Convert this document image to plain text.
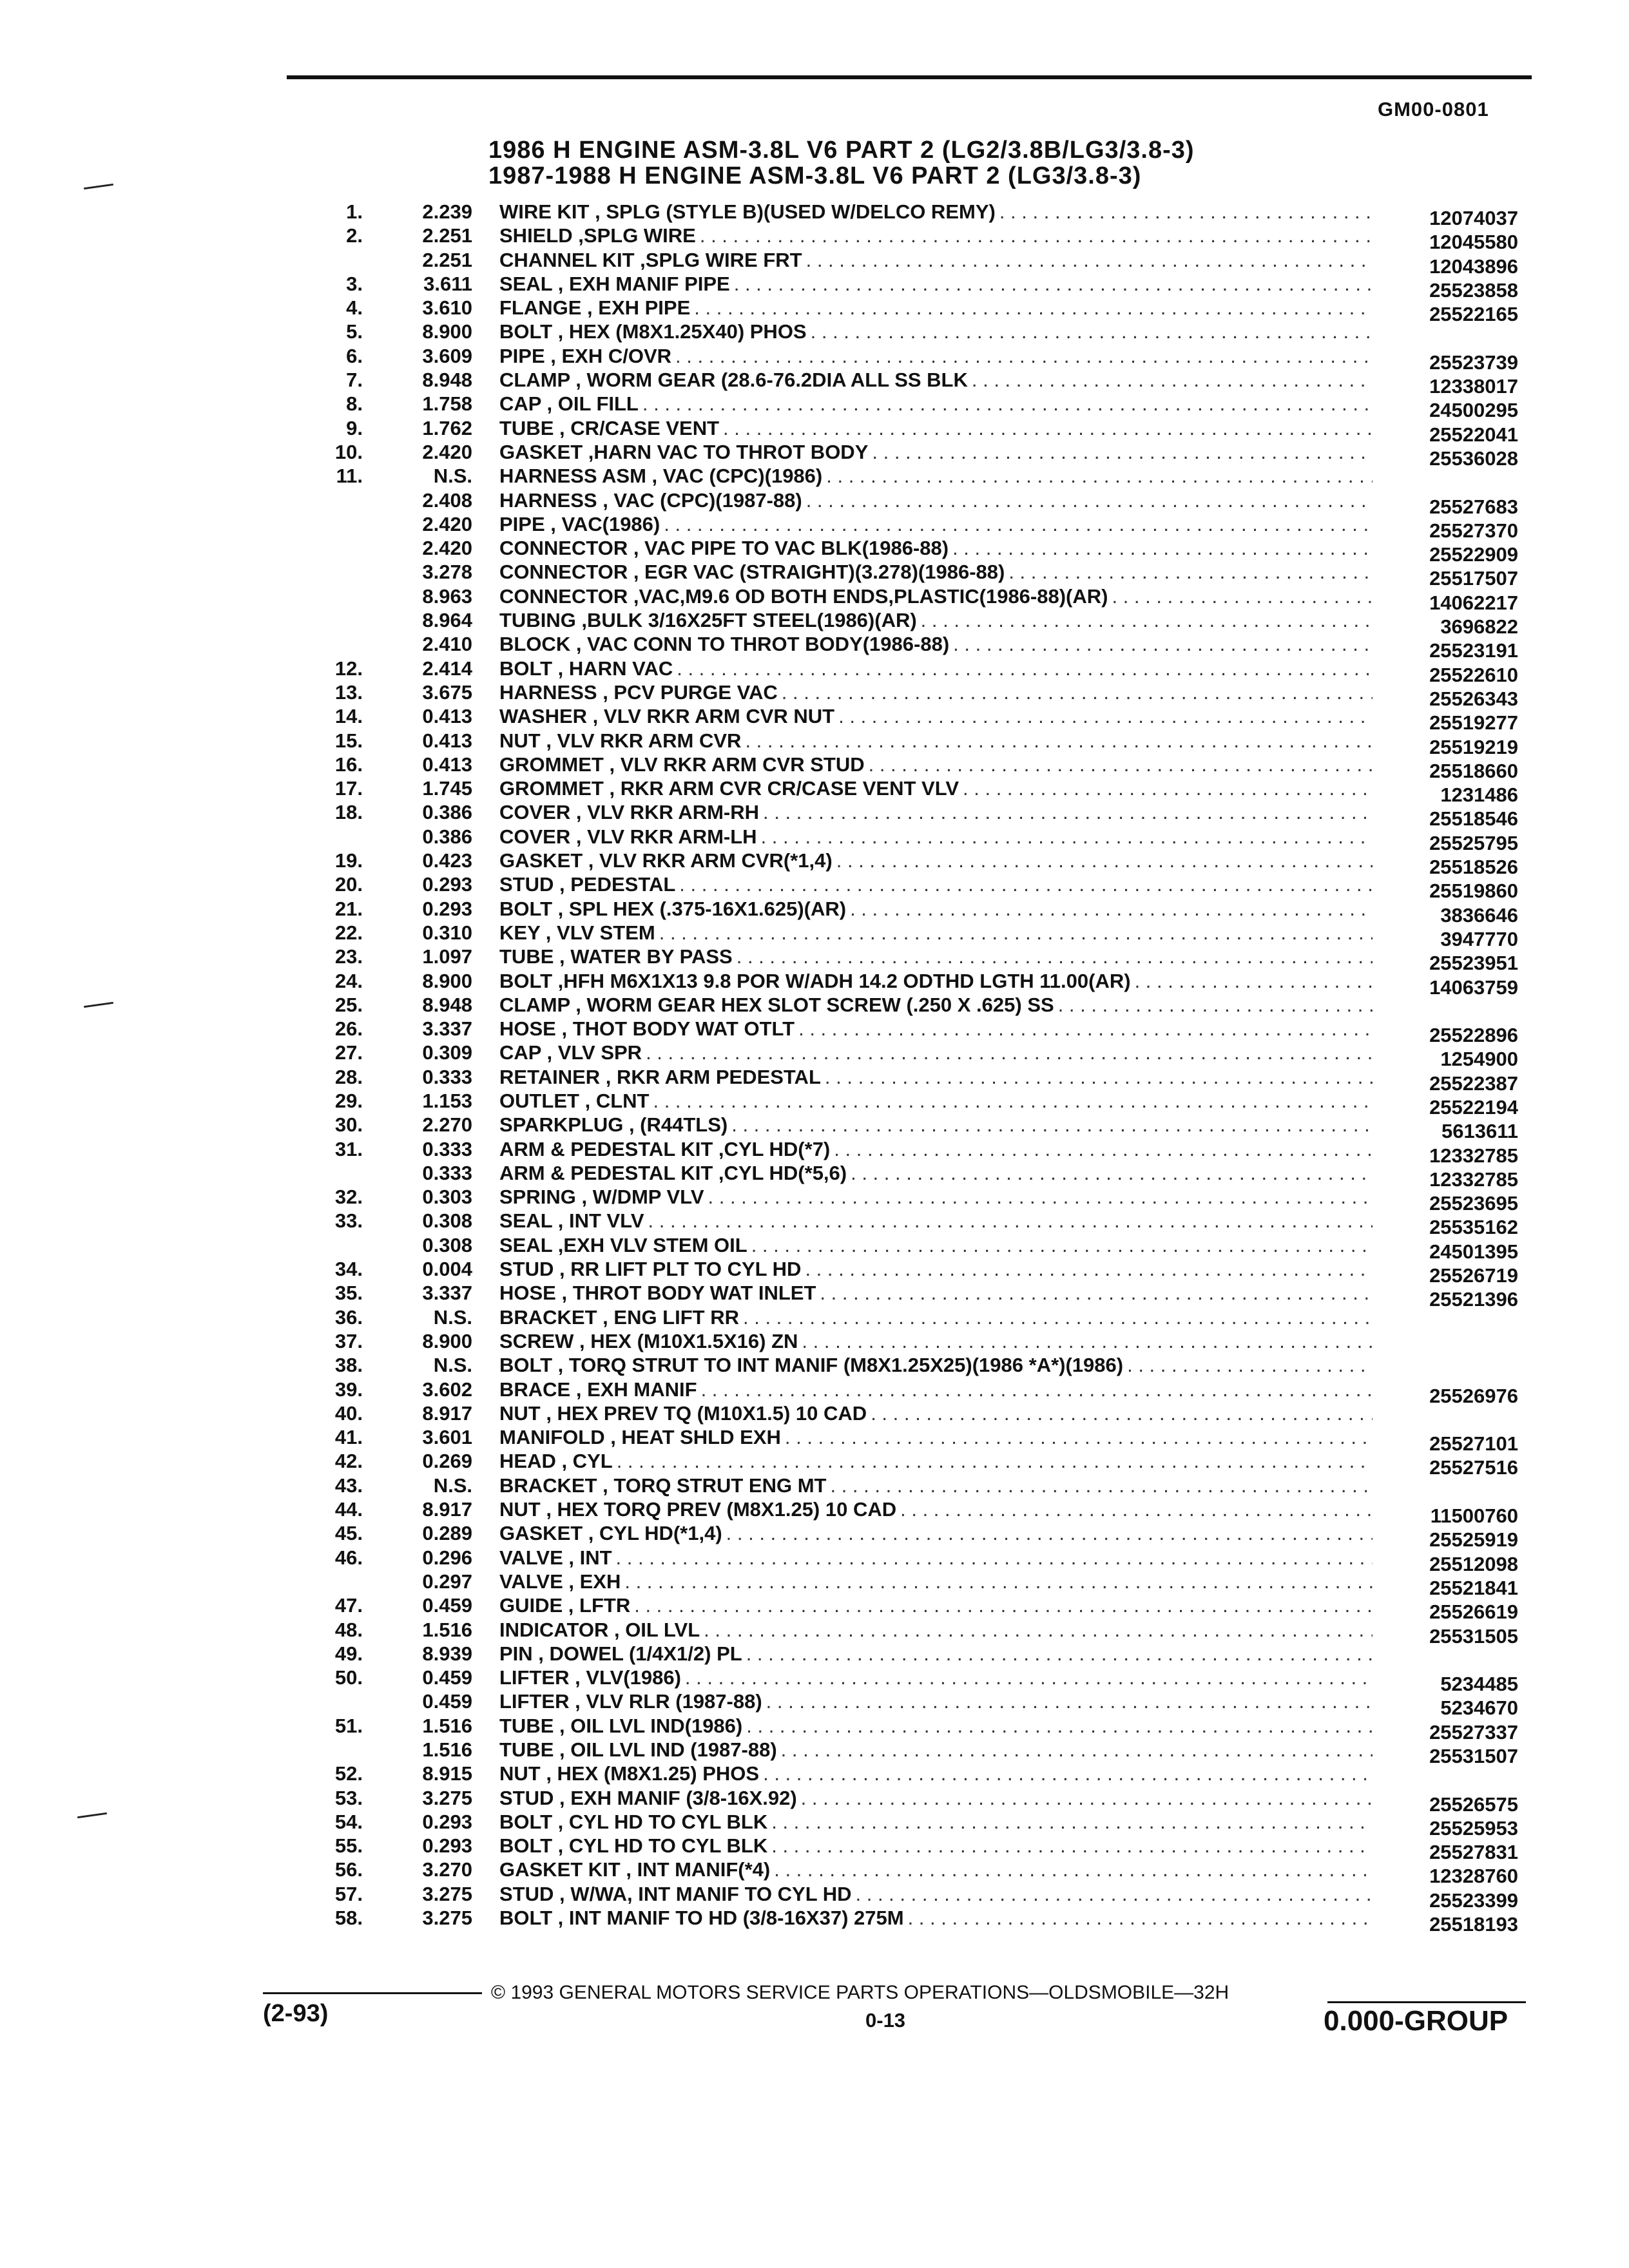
GM00-0801
1986 H ENGINE ASM-3.8L V6 PART 2 (LG2/3.8B/LG3/3.8-3)
1987-1988 H ENGINE ASM-3.8L V6 PART 2 (LG3/3.8-3)
1.	2.239 WIRE KIT , SPLG (STYLE B)(USED W/DELCO REMY) . . .	12074037
2.	2.251 SHIELD ,SPLG WIRE . . .	12045580
2.251 CHANNEL KIT ,SPLG WIRE FRT . . .	12043896
3.	3.611 SEAL , EXH MANIF PIPE . . .	25523858
4.	3.610 FLANGE , EXH PIPE . . .	25522165
5.	8.900 BOLT , HEX (M8X1.25X40) PHOS
. . .
6.	3.609 PIPE , EXH C/OVR . . .	25523739
7.	8.948 CLAMP , WORM GEAR (28.6-76.2DIA ALL SS BLK . . .	12338017
8.	1.758 CAP , OIL FILL . . .	24500295
9.	1.762 TUBE , CR/CASE VENT . . .	25522041
10.	2.420 GASKET ,HARN VAC TO THROT BODY . . .	25536028
11.	N.S. HARNESS ASM , VAC (CPC)(1986)
. . .
2.408 HARNESS , VAC (CPC)(1987-88) . . .	25527683
2.420 PIPE , VAC(1986) . . .	25527370
2.420 CONNECTOR , VAC PIPE TO VAC BLK(1986-88) . . .	25522909
3.278 CONNECTOR , EGR VAC (STRAIGHT)(3.278)(1986-88) . . .	25517507
8.963 CONNECTOR ,VAC,M9.6 OD BOTH ENDS,PLASTIC(1986-88)(AR) . . .	14062217
8.964 TUBING ,BULK 3/16X25FT STEEL(1986)(AR) . . .	3696822
2.410 BLOCK , VAC CONN TO THROT BODY(1986-88) . . .	25523191
12.	2.414 BOLT , HARN VAC . . .	25522610
13.	3.675 HARNESS , PCV PURGE VAC . . .	25526343
14.	0.413 WASHER , VLV RKR ARM CVR NUT . . .	25519277
15.	0.413 NUT , VLV RKR ARM CVR . . .	25519219
16.	0.413 GROMMET , VLV RKR ARM CVR STUD . . .	25518660
17.	1.745 GROMMET , RKR ARM CVR CR/CASE VENT VLV . . .	1231486
18.	0.386 COVER , VLV RKR ARM-RH . . .	25518546
0.386 COVER , VLV RKR ARM-LH . . .	25525795
19.	0.423 GASKET , VLV RKR ARM CVR(*1,4) . . .	25518526
20.	0.293 STUD , PEDESTAL . . .	25519860
21.	0.293 BOLT , SPL HEX (.375-16X1.625)(AR) . . .	3836646
22.	0.310 KEY , VLV STEM . . .	3947770
23.	1.097 TUBE , WATER BY PASS . . .	25523951
24.	8.900 BOLT ,HFH M6X1X13 9.8 POR W/ADH 14.2 ODTHD LGTH 11.00(AR) . . .	14063759
25.	8.948 CLAMP , WORM GEAR HEX SLOT SCREW (.250 X .625) SS
. . .
26.	3.337 HOSE , THOT BODY WAT OTLT . . .	25522896
27.	0.309 CAP , VLV SPR . . .	1254900
28.	0.333 RETAINER , RKR ARM PEDESTAL . . .	25522387
29.	1.153 OUTLET , CLNT . . .	25522194
30.	2.270 SPARKPLUG , (R44TLS) . . .	5613611
31.	0.333 ARM & PEDESTAL KIT ,CYL HD(*7) . . .	12332785
0.333 ARM & PEDESTAL KIT ,CYL HD(*5,6) . . .	12332785
32.	0.303 SPRING , W/DMP VLV . . .	25523695
33.	0.308 SEAL , INT VLV . . .	25535162
0.308 SEAL ,EXH VLV STEM OIL . . .	24501395
34.	0.004 STUD , RR LIFT PLT TO CYL HD . . .	25526719
35.	3.337 HOSE , THROT BODY WAT INLET . . .	25521396
36.	N.S. BRACKET , ENG LIFT RR
. . .
37.	8.900 SCREW , HEX (M10X1.5X16) ZN
. . .
38.	N.S. BOLT , TORQ STRUT TO INT MANIF (M8X1.25X25)(1986 *A*)(1986)
. . .
39.	3.602 BRACE , EXH MANIF . . .	25526976
40.	8.917 NUT , HEX PREV TQ (M10X1.5) 10 CAD
. . .
41.	3.601 MANIFOLD , HEAT SHLD EXH . . .	25527101
42.	0.269 HEAD , CYL . . .	25527516
43.	N.S. BRACKET , TORQ STRUT ENG MT
. . .
44.	8.917 NUT , HEX TORQ PREV (M8X1.25) 10 CAD . . .	11500760
45.	0.289 GASKET , CYL HD(*1,4) . . .	25525919
46.	0.296 VALVE , INT . . .	25512098
0.297 VALVE , EXH . . .	25521841
47.	0.459 GUIDE , LFTR . . .	25526619
48.	1.516 INDICATOR , OIL LVL . . .	25531505
49.	8.939 PIN , DOWEL (1/4X1/2) PL
. . .
50.	0.459 LIFTER , VLV(1986) . . .	5234485
0.459 LIFTER , VLV RLR (1987-88) . . .	5234670
51.	1.516 TUBE , OIL LVL IND(1986) . . .	25527337
1.516 TUBE , OIL LVL IND (1987-88) . . .	25531507
52.	8.915 NUT , HEX (M8X1.25) PHOS
. . .
53.	3.275 STUD , EXH MANIF (3/8-16X.92) . . .	25526575
54.	0.293 BOLT , CYL HD TO CYL BLK . . .	25525953
55.	0.293 BOLT , CYL HD TO CYL BLK . . .	25527831
56.	3.270 GASKET KIT , INT MANIF(*4) . . .	12328760
57.	3.275 STUD , W/WA, INT MANIF TO CYL HD . . .	25523399
58.	3.275 BOLT , INT MANIF TO HD (3/8-16X37) 275M . . .	25518193
© 1993 GENERAL MOTORS SERVICE PARTS OPERATIONS—OLDSMOBILE—32H
(2-93)	0-13	0.000-GROUP
